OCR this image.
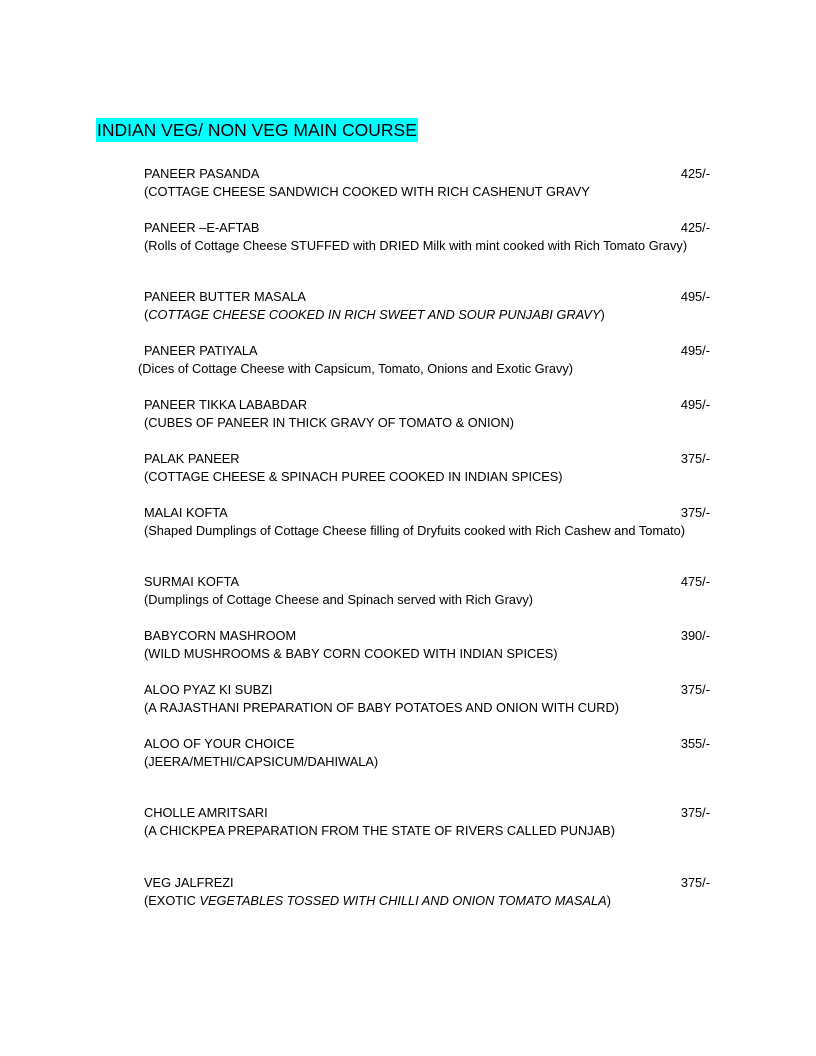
INDIAN VEG/ NON VEG MAIN COURSE
PANEER PASANDA	425/-
(COTTAGE CHEESE SANDWICH COOKED WITH RICH CASHENUT GRAVY
PANEER –E-AFTAB	425/-
(Rolls of Cottage Cheese STUFFED with DRIED Milk with mint cooked with Rich Tomato Gravy)
PANEER BUTTER MASALA	495/-
(COTTAGE CHEESE COOKED IN RICH SWEET AND SOUR PUNJABI GRAVY)
PANEER PATIYALA	495/-
(Dices of Cottage Cheese with Capsicum, Tomato, Onions and Exotic Gravy)
PANEER TIKKA LABABDAR	495/-
(CUBES OF PANEER IN THICK GRAVY OF TOMATO & ONION)
PALAK PANEER	375/-
(COTTAGE CHEESE & SPINACH PUREE COOKED IN INDIAN SPICES)
MALAI KOFTA	375/-
(Shaped Dumplings of Cottage Cheese filling of Dryfuits cooked with Rich Cashew and Tomato)
SURMAI KOFTA	475/-
(Dumplings of Cottage Cheese and Spinach served with Rich Gravy)
BABYCORN MASHROOM	390/-
(WILD MUSHROOMS & BABY CORN COOKED WITH INDIAN SPICES)
ALOO PYAZ KI SUBZI	375/-
(A RAJASTHANI PREPARATION OF BABY POTATOES AND ONION WITH CURD)
ALOO OF YOUR CHOICE	355/-
(JEERA/METHI/CAPSICUM/DAHIWALA)
CHOLLE AMRITSARI	375/-
(A CHICKPEA PREPARATION FROM THE STATE OF RIVERS CALLED PUNJAB)
VEG JALFREZI	375/-
(EXOTIC VEGETABLES TOSSED WITH CHILLI AND ONION TOMATO MASALA)
